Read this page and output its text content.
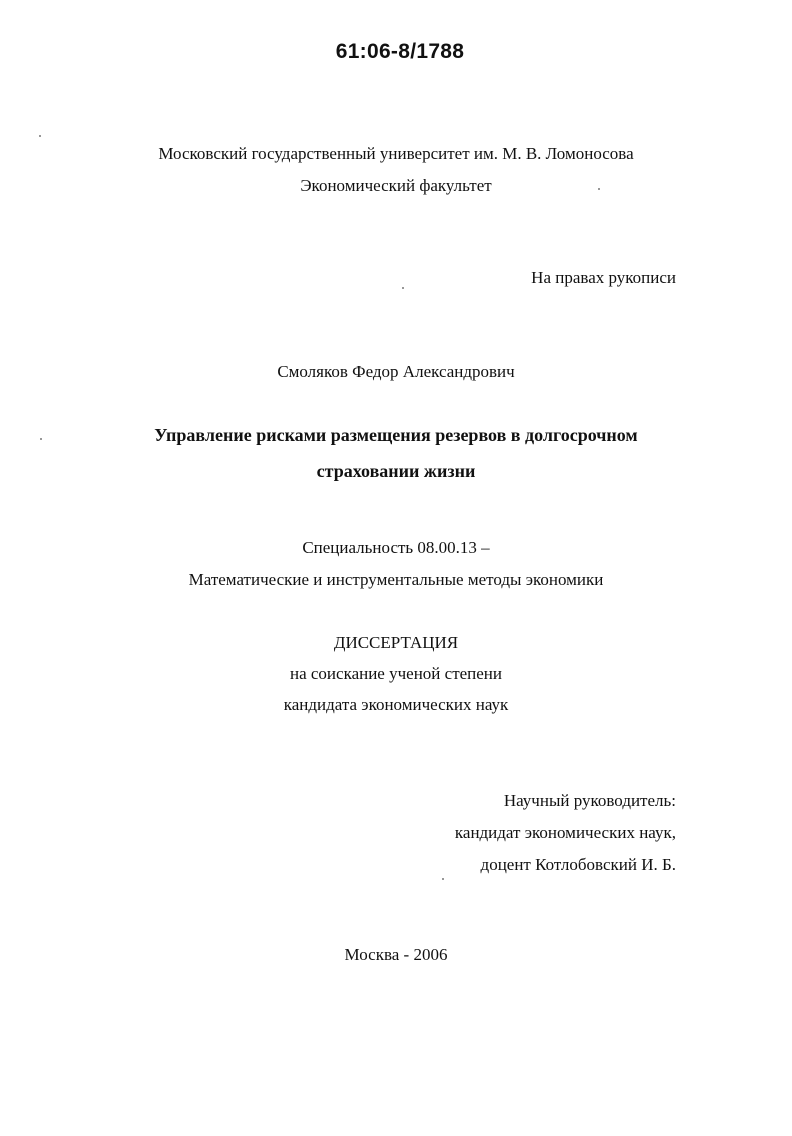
61:06-8/1788
Московский государственный университет им. М. В. Ломоносова
Экономический факультет
На правах рукописи
Смоляков Федор Александрович
Управление рисками размещения резервов в долгосрочном
страховании жизни
Специальность 08.00.13 –
Математические и инструментальные методы экономики
ДИССЕРТАЦИЯ
на соискание ученой степени
кандидата экономических наук
Научный руководитель:
кандидат экономических наук,
доцент Котлобовский И. Б.
Москва - 2006
